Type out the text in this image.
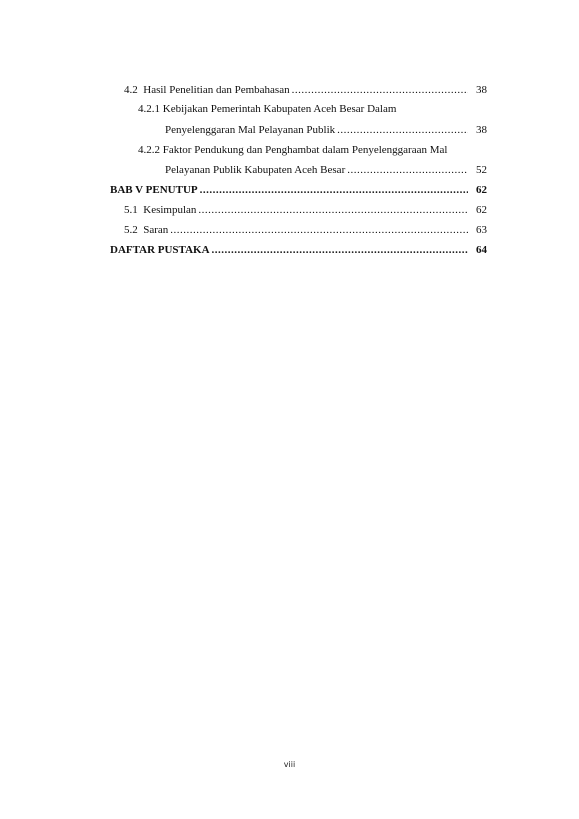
4.2 Hasil Penelitian dan Pembahasan .....	38
4.2.1 Kebijakan Pemerintah Kabupaten Aceh Besar Dalam
Penyelenggaran Mal Pelayanan Publik .....	38
4.2.2 Faktor Pendukung dan Penghambat dalam Penyelenggaraan Mal
Pelayanan Publik Kabupaten Aceh Besar .....	52
BAB V PENUTUP .....	62
5.1 Kesimpulan .....	62
5.2 Saran .....	63
DAFTAR PUSTAKA .....	64
viii
